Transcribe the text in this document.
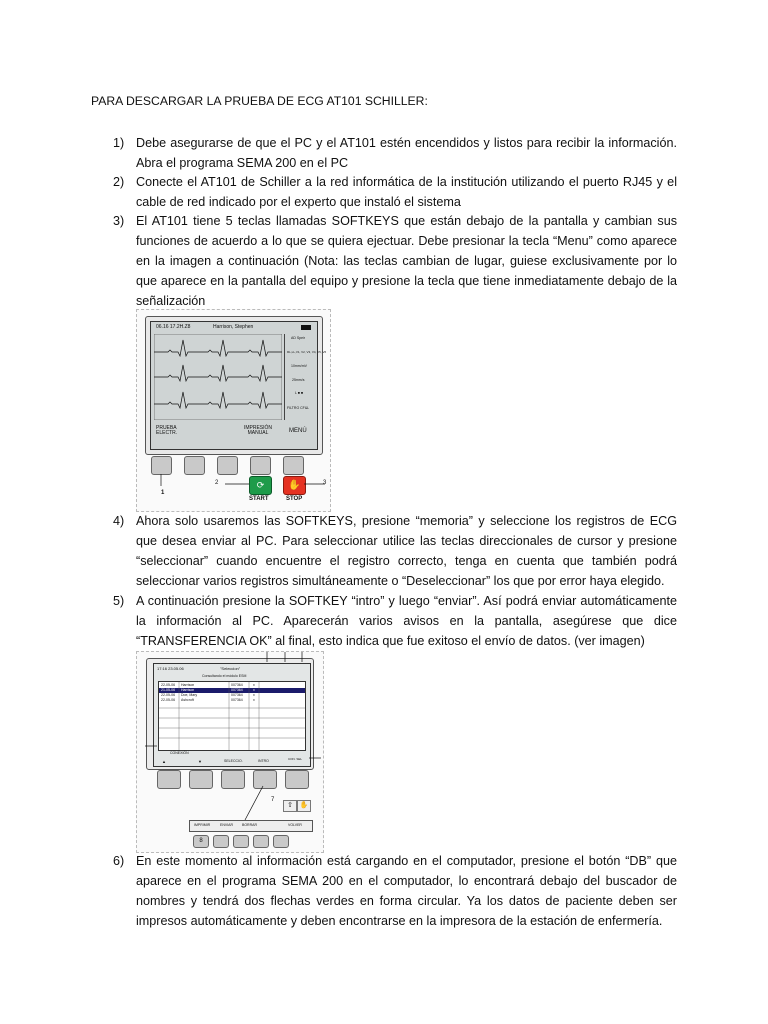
PARA DESCARGAR LA PRUEBA DE ECG AT101 SCHILLER:
1) Debe asegurarse de que el PC y el AT101 estén encendidos y listos para recibir la información. Abra el programa SEMA 200 en el PC
2) Conecte el AT101 de Schiller a la red informática de la institución utilizando el puerto RJ45 y el cable de red indicado por el experto que instaló el sistema
3) El AT101 tiene 5 teclas llamadas SOFTKEYS que están debajo de la pantalla y cambian sus funciones de acuerdo a lo que se quiera ejectuar. Debe presionar la tecla “Menu” como aparece en la imagen a continuación (Nota: las teclas cambian de lugar, guiese exclusivamente por lo que aparece en la pantalla del equipo y presione la tecla que tiene inmediatamente debajo de la señalización
4) Ahora solo usaremos las SOFTKEYS, presione “memoria” y seleccione los registros de ECG que desea enviar al PC. Para seleccionar utilice las teclas direccionales de cursor y presione “seleccionar” cuando encuentre el registro correcto, tenga en cuenta que también podrá seleccionar varios registros simultáneamente o “Deseleccionar” los que por error haya elegido.
5) A continuación presione la SOFTKEY “intro” y luego “enviar”. Así podrá enviar automáticamente la información al PC. Aparecerán varios avisos en la pantalla, asegúrese que dice “TRANSFERENCIA OK” al final, esto indica que fue exitoso el envío de datos. (ver imagen)
6) En este momento al información está cargando en el computador, presione el botón “DB” que aparece en el programa SEMA 200 en el computador, lo encontrará debajo del buscador de nombres y tendrá dos flechas verdes en forma circular. Ya los datos de paciente deben ser impresos automáticamente y deben encontrarse en la impresora de la estación de enfermería.
06.16 17.2H.Z8	Harrison, Stephen
AD Speir
RL,LL,V1, V2, V3, V4, V5, V6
10mm/mV
25mm/s
L ■ ■
FILTRO CF&L
PRUEBA ELECTR.
IMPRESIÓN MANUAL	MENÚ
⟳	✋
START	STOP
1
2	3
17:16 23.05.06	"Seleccion"
Consultando el módulo ESM
22-05-06 Harrison	007364	x
21-05-06 Harrison	007364	x
22-05-06 Doe, Mary	007364	x
22-05-06 Ashcroft	007364	x
CONEXIÓN
▲	▼	SELECCIO.	INTRO	CON. SEL
⇧ ✋
7
IMPRIMIR	ENVIAR	BORRAR	VOLVER
8
